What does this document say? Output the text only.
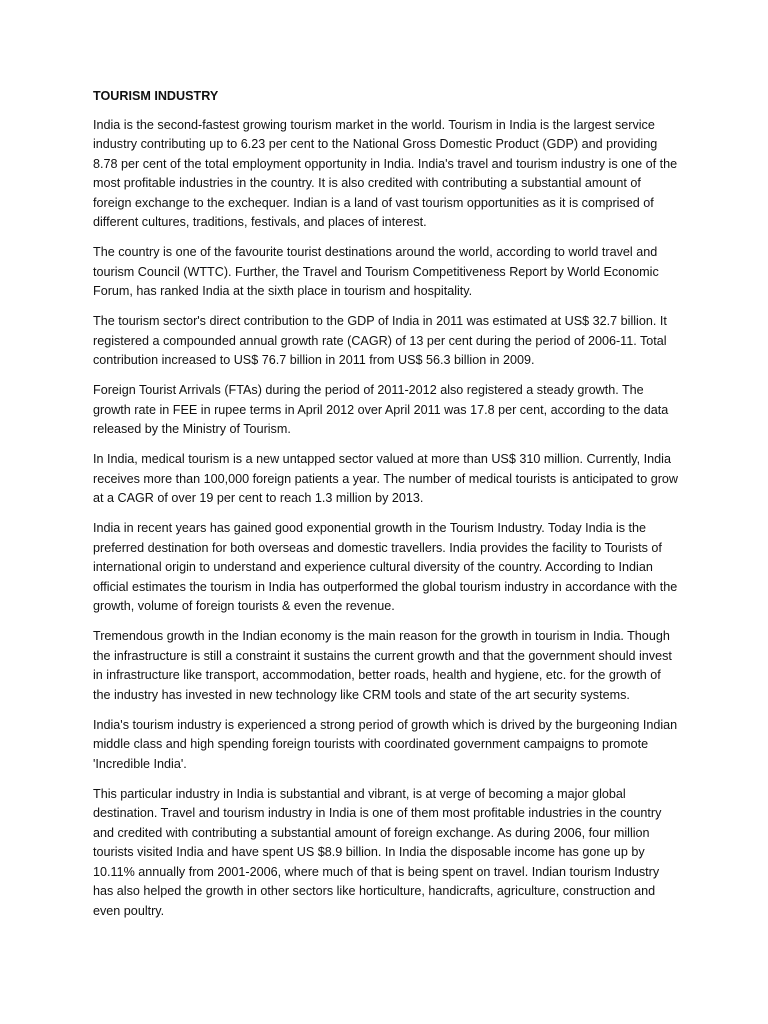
TOURISM INDUSTRY

India is the second-fastest growing tourism market in the world. Tourism in India is the largest service industry contributing up to 6.23 per cent to the National Gross Domestic Product (GDP) and providing 8.78 per cent of the total employment opportunity in India. India's travel and tourism industry is one of the most profitable industries in the country. It is also credited with contributing a substantial amount of foreign exchange to the exchequer. Indian is a land of vast tourism opportunities as it is comprised of different cultures, traditions, festivals, and places of interest.

The country is one of the favourite tourist destinations around the world, according to world travel and tourism Council (WTTC). Further, the Travel and Tourism Competitiveness Report by World Economic Forum, has ranked India at the sixth place in tourism and hospitality.

The tourism sector's direct contribution to the GDP of India in 2011 was estimated at US$ 32.7 billion. It registered a compounded annual growth rate (CAGR) of 13 per cent during the period of 2006-11. Total contribution increased to US$ 76.7 billion in 2011 from US$ 56.3 billion in 2009.

Foreign Tourist Arrivals (FTAs) during the period of 2011-2012 also registered a steady growth. The growth rate in FEE in rupee terms in April 2012 over April 2011 was 17.8 per cent, according to the data released by the Ministry of Tourism.

In India, medical tourism is a new untapped sector valued at more than US$ 310 million. Currently, India receives more than 100,000 foreign patients a year. The number of medical tourists is anticipated to grow at a CAGR of over 19 per cent to reach 1.3 million by 2013.

India in recent years has gained good exponential growth in the Tourism Industry. Today India is the preferred destination for both overseas and domestic travellers. India provides the facility to Tourists of international origin to understand and experience cultural diversity of the country. According to Indian official estimates the tourism in India has outperformed the global tourism industry in accordance with the growth, volume of foreign tourists & even the revenue.

Tremendous growth in the Indian economy is the main reason for the growth in tourism in India. Though the infrastructure is still a constraint it sustains the current growth and that the government should invest in infrastructure like transport, accommodation, better roads, health and hygiene, etc. for the growth of the industry has invested in new technology like CRM tools and state of the art security systems.

India's tourism industry is experienced a strong period of growth which is drived by the burgeoning Indian middle class and high spending foreign tourists with coordinated government campaigns to promote 'Incredible India'.

This particular industry in India is substantial and vibrant, is at verge of becoming a major global destination. Travel and tourism industry in India is one of them most profitable industries in the country and credited with contributing a substantial amount of foreign exchange. As during 2006, four million tourists visited India and have spent US $8.9 billion. In India the disposable income has gone up by 10.11% annually from 2001-2006, where much of that is being spent on travel. Indian tourism Industry has also helped the growth in other sectors like horticulture, handicrafts, agriculture, construction and even poultry.
